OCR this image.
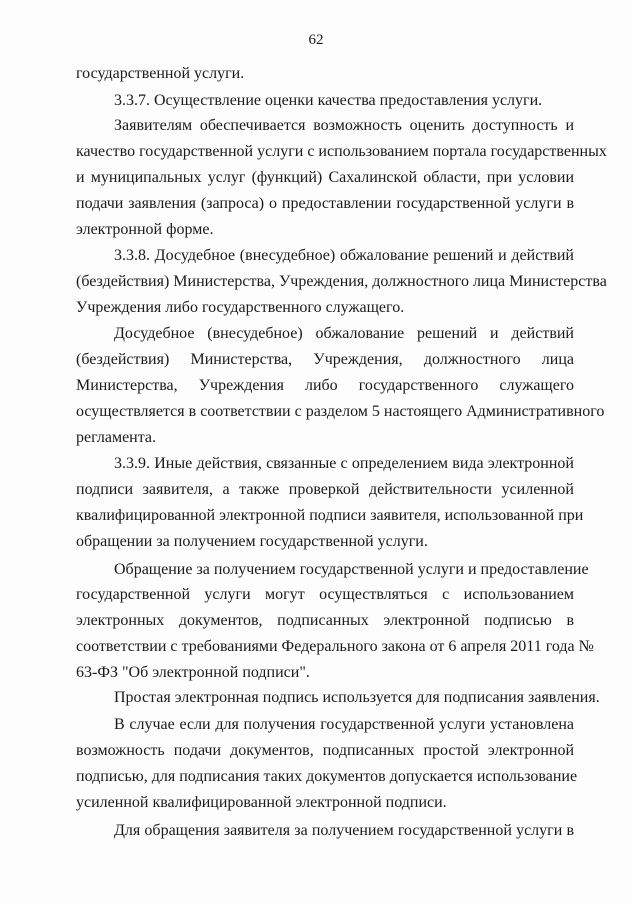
62
государственной услуги.
3.3.7. Осуществление оценки качества предоставления услуги.
Заявителям обеспечивается возможность оценить доступность и
качество государственной услуги с использованием портала государственных
и муниципальных услуг (функций) Сахалинской области, при условии
подачи заявления (запроса) о предоставлении государственной услуги в
электронной форме.
3.3.8. Досудебное (внесудебное) обжалование решений и действий
(бездействия) Министерства, Учреждения, должностного лица Министерства
Учреждения либо государственного служащего.
Досудебное (внесудебное) обжалование решений и действий
(бездействия) Министерства, Учреждения, должностного лица
Министерства, Учреждения либо государственного служащего
осуществляется в соответствии с разделом 5 настоящего Административного
регламента.
3.3.9. Иные действия, связанные с определением вида электронной
подписи заявителя, а также проверкой действительности усиленной
квалифицированной электронной подписи заявителя, использованной при
обращении за получением государственной услуги.
Обращение за получением государственной услуги и предоставление
государственной услуги могут осуществляться с использованием
электронных документов, подписанных электронной подписью в
соответствии с требованиями Федерального закона от 6 апреля 2011 года №
63-ФЗ "Об электронной подписи".
Простая электронная подпись используется для подписания заявления.
В случае если для получения государственной услуги установлена
возможность подачи документов, подписанных простой электронной
подписью, для подписания таких документов допускается использование
усиленной квалифицированной электронной подписи.
Для обращения заявителя за получением государственной услуги в
